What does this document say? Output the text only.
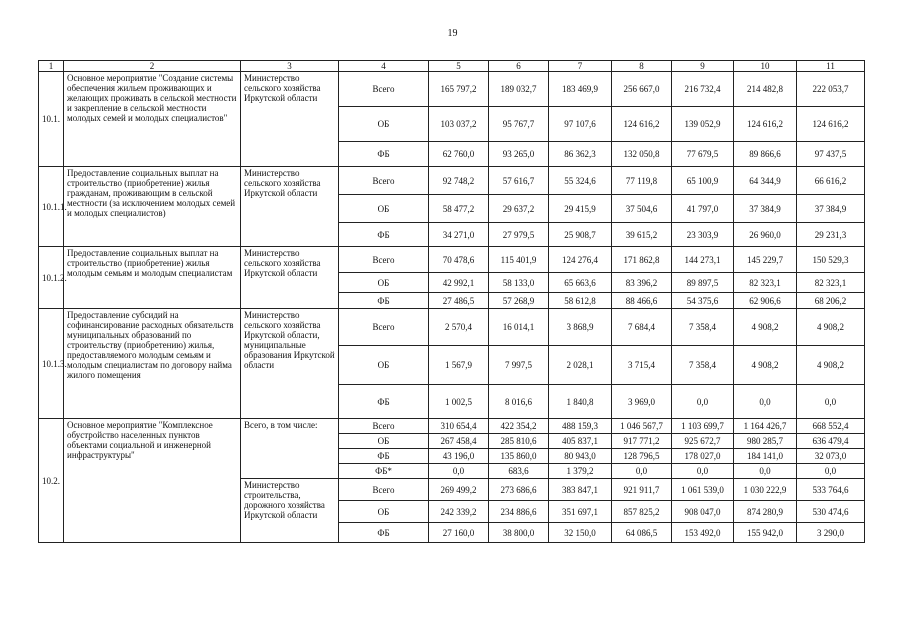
19
1	2	3	4	5	6	7	8	9	10	11
10.1.	Основное мероприятие "Создание системы обеспечения жильем проживающих и желающих проживать в сельской местности и закрепление в сельской местности молодых семей и молодых специалистов"	Министерство сельского хозяйства Иркутской области	Всего	165 797,2	189 032,7	183 469,9	256 667,0	216 732,4	214 482,8	222 053,7
			ОБ	103 037,2	95 767,7	97 107,6	124 616,2	139 052,9	124 616,2	124 616,2
			ФБ	62 760,0	93 265,0	86 362,3	132 050,8	77 679,5	89 866,6	97 437,5
10.1.1.	Предоставление социальных выплат на строительство (приобретение) жилья гражданам, проживающим в сельской местности (за исключением молодых семей и молодых специалистов)	Министерство сельского хозяйства Иркутской области	Всего	92 748,2	57 616,7	55 324,6	77 119,8	65 100,9	64 344,9	66 616,2
			ОБ	58 477,2	29 637,2	29 415,9	37 504,6	41 797,0	37 384,9	37 384,9
			ФБ	34 271,0	27 979,5	25 908,7	39 615,2	23 303,9	26 960,0	29 231,3
10.1.2.	Предоставление социальных выплат на строительство (приобретение) жилья молодым семьям и молодым специалистам	Министерство сельского хозяйства Иркутской области	Всего	70 478,6	115 401,9	124 276,4	171 862,8	144 273,1	145 229,7	150 529,3
			ОБ	42 992,1	58 133,0	65 663,6	83 396,2	89 897,5	82 323,1	82 323,1
			ФБ	27 486,5	57 268,9	58 612,8	88 466,6	54 375,6	62 906,6	68 206,2
10.1.3.	Предоставление субсидий на софинансирование расходных обязательств муниципальных образований по строительству (приобретению) жилья, предоставляемого молодым семьям и молодым специалистам по договору найма жилого помещения	Министерство сельского хозяйства Иркутской области, муниципальные образования Иркутской области	Всего	2 570,4	16 014,1	3 868,9	7 684,4	7 358,4	4 908,2	4 908,2
			ОБ	1 567,9	7 997,5	2 028,1	3 715,4	7 358,4	4 908,2	4 908,2
			ФБ	1 002,5	8 016,6	1 840,8	3 969,0	0,0	0,0	0,0
10.2.	Основное мероприятие "Комплексное обустройство населенных пунктов объектами социальной и инженерной инфраструктуры"	Всего, в том числе:	Всего	310 654,4	422 354,2	488 159,3	1 046 567,7	1 103 699,7	1 164 426,7	668 552,4
			ОБ	267 458,4	285 810,6	405 837,1	917 771,2	925 672,7	980 285,7	636 479,4
			ФБ	43 196,0	135 860,0	80 943,0	128 796,5	178 027,0	184 141,0	32 073,0
			ФБ*	0,0	683,6	1 379,2	0,0	0,0	0,0	0,0
		Министерство строительства, дорожного хозяйства Иркутской области	Всего	269 499,2	273 686,6	383 847,1	921 911,7	1 061 539,0	1 030 222,9	533 764,6
			ОБ	242 339,2	234 886,6	351 697,1	857 825,2	908 047,0	874 280,9	530 474,6
			ФБ	27 160,0	38 800,0	32 150,0	64 086,5	153 492,0	155 942,0	3 290,0
